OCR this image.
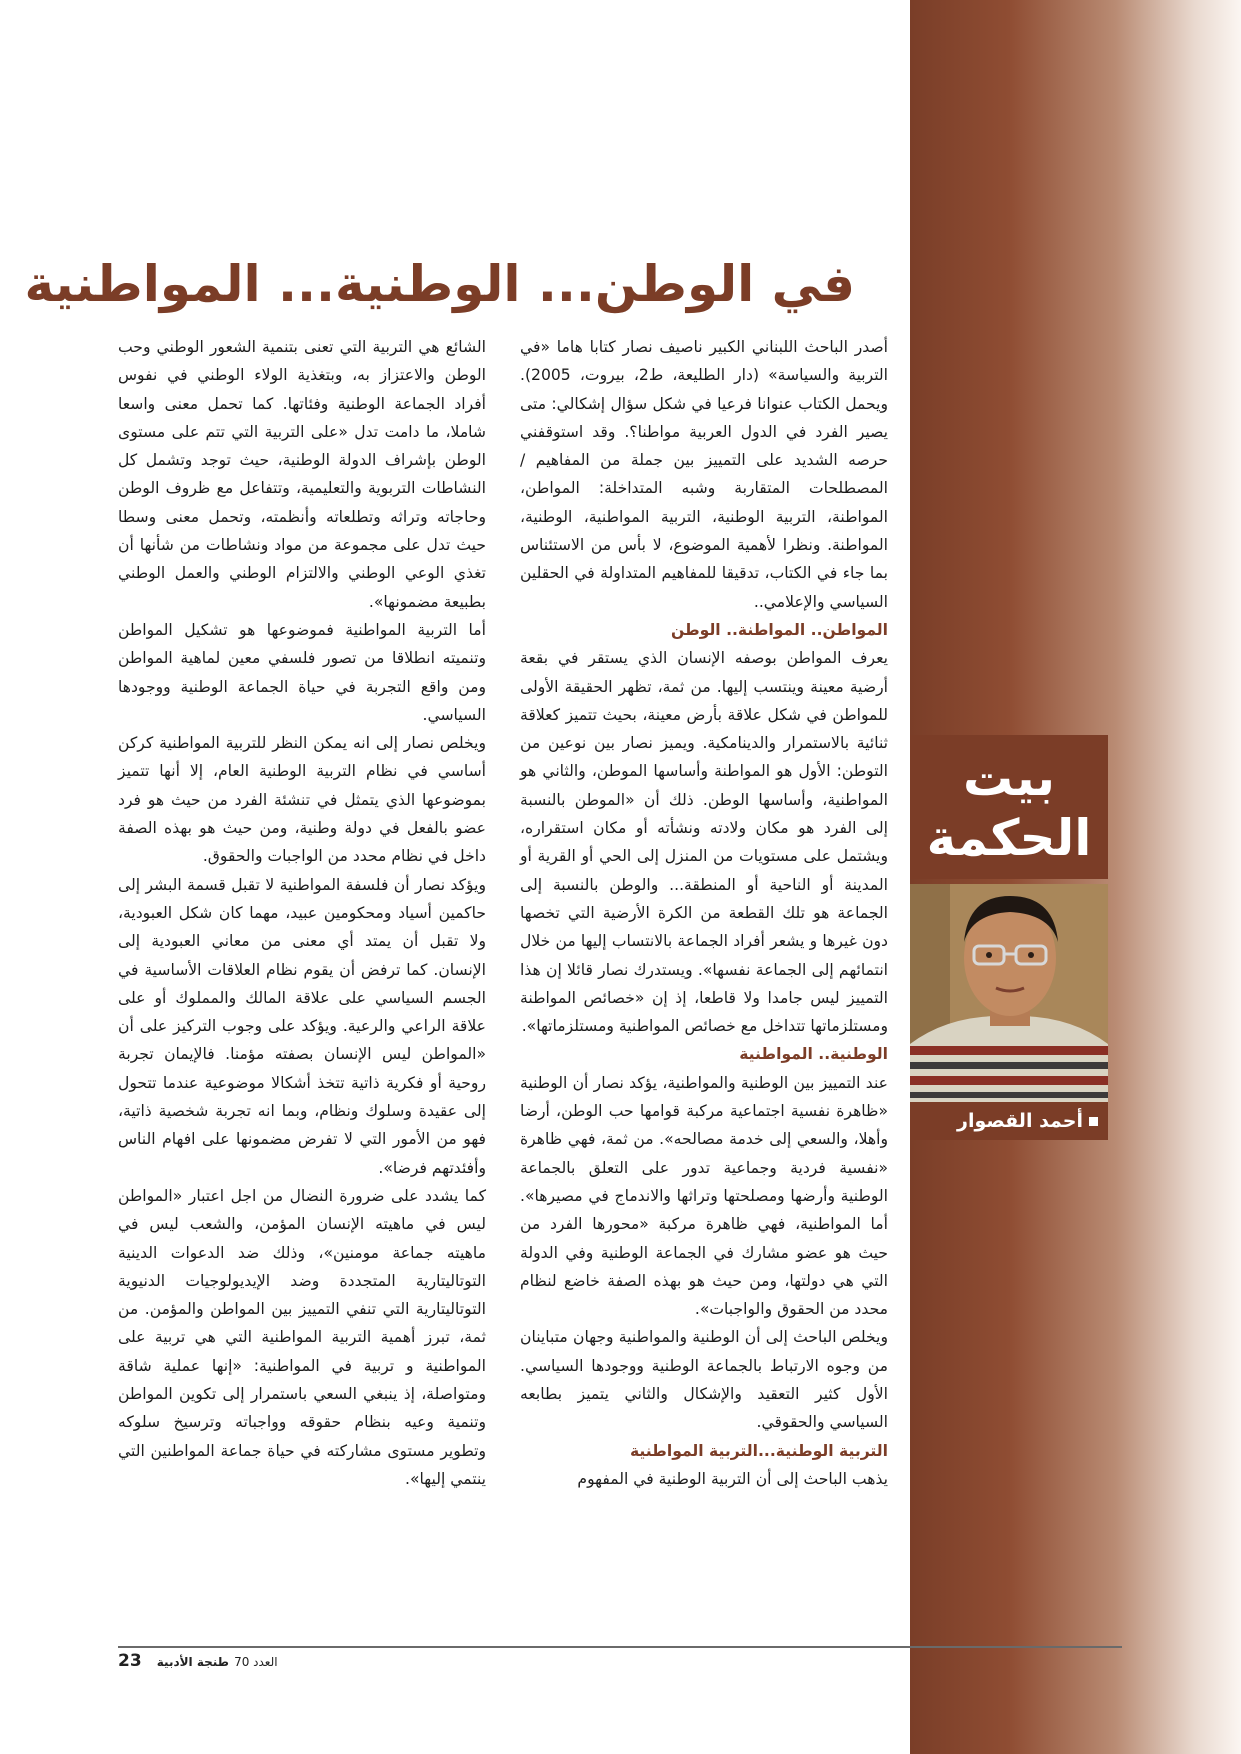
بيت
الحكمة
أحمد القصوار
في الوطن... الوطنية... المواطنية

أصدر الباحث اللبناني الكبير ناصيف نصار كتابا هاما «في التربية والسياسة» (دار الطليعة، ط2، بيروت، 2005). ويحمل الكتاب عنوانا فرعيا في شكل سؤال إشكالي: متى يصير الفرد في الدول العربية مواطنا؟. وقد استوقفني حرصه الشديد على التمييز بين جملة من المفاهيم /المصطلحات المتقاربة وشبه المتداخلة: المواطن، المواطنة، التربية الوطنية، التربية المواطنية، الوطنية، المواطنة. ونظرا لأهمية الموضوع، لا بأس من الاستئناس بما جاء في الكتاب، تدقيقا للمفاهيم المتداولة في الحقلين السياسي والإعلامي..

المواطن.. المواطنة.. الوطن

يعرف المواطن بوصفه الإنسان الذي يستقر في بقعة أرضية معينة وينتسب إليها. من ثمة، تظهر الحقيقة الأولى للمواطن في شكل علاقة بأرض معينة، بحيث تتميز كعلاقة ثنائية بالاستمرار والدينامكية. ويميز نصار بين نوعين من التوطن: الأول هو المواطنة وأساسها الموطن، والثاني هو المواطنية، وأساسها الوطن. ذلك أن «الموطن بالنسبة إلى الفرد هو مكان ولادته ونشأته أو مكان استقراره، ويشتمل على مستويات من المنزل إلى الحي أو القرية أو المدينة أو الناحية أو المنطقة... والوطن بالنسبة إلى الجماعة هو تلك القطعة من الكرة الأرضية التي تخصها دون غيرها و يشعر أفراد الجماعة بالانتساب إليها من خلال انتمائهم إلى الجماعة نفسها». ويستدرك نصار قائلا إن هذا التمييز ليس جامدا ولا قاطعا، إذ إن «خصائص المواطنة ومستلزماتها تتداخل مع خصائص المواطنية ومستلزماتها».

الوطنية.. المواطنية

عند التمييز بين الوطنية والمواطنية، يؤكد نصار أن الوطنية «ظاهرة نفسية اجتماعية مركبة قوامها حب الوطن، أرضا وأهلا، والسعي إلى خدمة مصالحه». من ثمة، فهي ظاهرة «نفسية فردية وجماعية تدور على التعلق بالجماعة الوطنية وأرضها ومصلحتها وتراثها والاندماج في مصيرها». أما المواطنية، فهي ظاهرة مركبة «محورها الفرد من حيث هو عضو مشارك في الجماعة الوطنية وفي الدولة التي هي دولتها، ومن حيث هو بهذه الصفة خاضع لنظام محدد من الحقوق والواجبات».

ويخلص الباحث إلى أن الوطنية والمواطنية وجهان متباينان من وجوه الارتباط بالجماعة الوطنية ووجودها السياسي. الأول كثير التعقيد والإشكال والثاني يتميز بطابعه السياسي والحقوقي.

التربية الوطنية...التربية المواطنية

يذهب الباحث إلى أن التربية الوطنية في المفهوم

الشائع هي التربية التي تعنى بتنمية الشعور الوطني وحب الوطن والاعتزاز به، وبتغذية الولاء الوطني في نفوس أفراد الجماعة الوطنية وفئاتها. كما تحمل معنى واسعا شاملا، ما دامت تدل «على التربية التي تتم على مستوى الوطن بإشراف الدولة الوطنية، حيث توجد وتشمل كل النشاطات التربوية والتعليمية، وتتفاعل مع ظروف الوطن وحاجاته وتراثه وتطلعاته وأنظمته، وتحمل معنى وسطا حيث تدل على مجموعة من مواد ونشاطات من شأنها أن تغذي الوعي الوطني والالتزام الوطني والعمل الوطني بطبيعة مضمونها».

أما التربية المواطنية فموضوعها هو تشكيل المواطن وتنميته انطلاقا من تصور فلسفي معين لماهية المواطن ومن واقع التجربة في حياة الجماعة الوطنية ووجودها السياسي.

ويخلص نصار إلى انه يمكن النظر للتربية المواطنية كركن أساسي في نظام التربية الوطنية العام، إلا أنها تتميز بموضوعها الذي يتمثل في تنشئة الفرد من حيث هو فرد عضو بالفعل في دولة وطنية، ومن حيث هو بهذه الصفة داخل في نظام محدد من الواجبات والحقوق.

ويؤكد نصار أن فلسفة المواطنية لا تقبل قسمة البشر إلى حاكمين أسياد ومحكومين عبيد، مهما كان شكل العبودية، ولا تقبل أن يمتد أي معنى من معاني العبودية إلى الإنسان. كما ترفض أن يقوم نظام العلاقات الأساسية في الجسم السياسي على علاقة المالك والمملوك أو على علاقة الراعي والرعية. ويؤكد على وجوب التركيز على أن «المواطن ليس الإنسان بصفته مؤمنا. فالإيمان تجربة روحية أو فكرية ذاتية تتخذ أشكالا موضوعية عندما تتحول إلى عقيدة وسلوك ونظام، وبما انه تجربة شخصية ذاتية، فهو من الأمور التي لا تفرض مضمونها على افهام الناس وأفئدتهم فرضا».

كما يشدد على ضرورة النضال من اجل اعتبار «المواطن ليس في ماهيته الإنسان المؤمن، والشعب ليس في ماهيته جماعة مومنين»، وذلك ضد الدعوات الدينية التوتاليتارية المتجددة وضد الإيديولوجيات الدنيوية التوتاليتارية التي تنفي التمييز بين المواطن والمؤمن. من ثمة، تبرز أهمية التربية المواطنية التي هي تربية على المواطنية و تربية في المواطنية: «إنها عملية شاقة ومتواصلة، إذ ينبغي السعي باستمرار إلى تكوين المواطن وتنمية وعيه بنظام حقوقه وواجباته وترسيخ سلوكه وتطوير مستوى مشاركته في حياة جماعة المواطنين التي ينتمي إليها».

23	العدد 70 طنجة الأدبية
